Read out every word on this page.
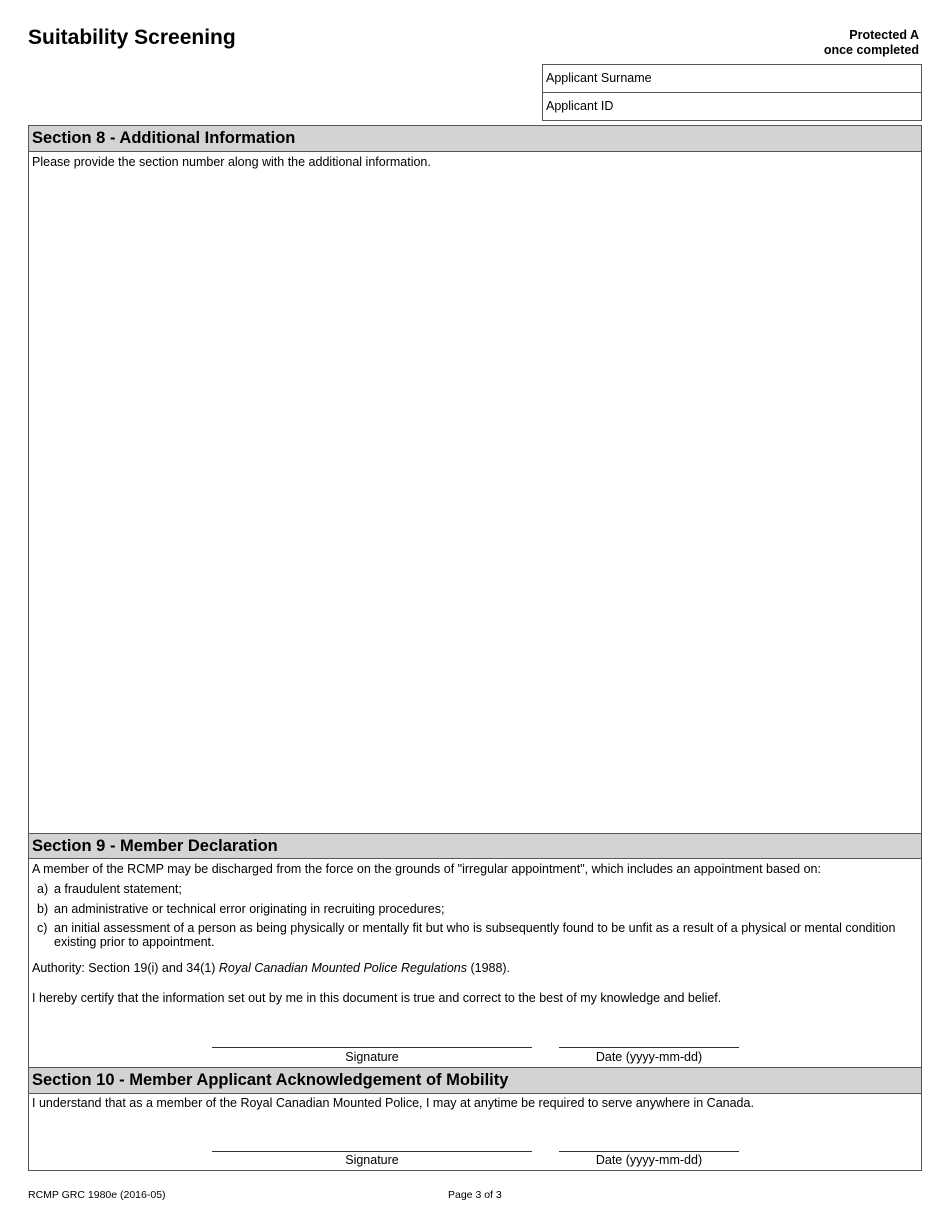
Suitability Screening	Protected A
once completed
Applicant Surname
Applicant ID
Section 8 - Additional Information
Please provide the section number along with the additional information.
Section 9 - Member Declaration
A member of the RCMP may be discharged from the force on the grounds of "irregular appointment", which includes an appointment based on:
a) a fraudulent statement;
b) an administrative or technical error originating in recruiting procedures;
c) an initial assessment of a person as being physically or mentally fit but who is subsequently found to be unfit as a result of a physical or mental condition existing prior to appointment.
Authority: Section 19(i) and 34(1) Royal Canadian Mounted Police Regulations (1988).
I hereby certify that the information set out by me in this document is true and correct to the best of my knowledge and belief.
Signature	Date (yyyy-mm-dd)
Section 10 - Member Applicant Acknowledgement of Mobility
I understand that as a member of the Royal Canadian Mounted Police, I may at anytime be required to serve anywhere in Canada.
Signature	Date (yyyy-mm-dd)
RCMP GRC 1980e (2016-05)	Page 3 of 3
